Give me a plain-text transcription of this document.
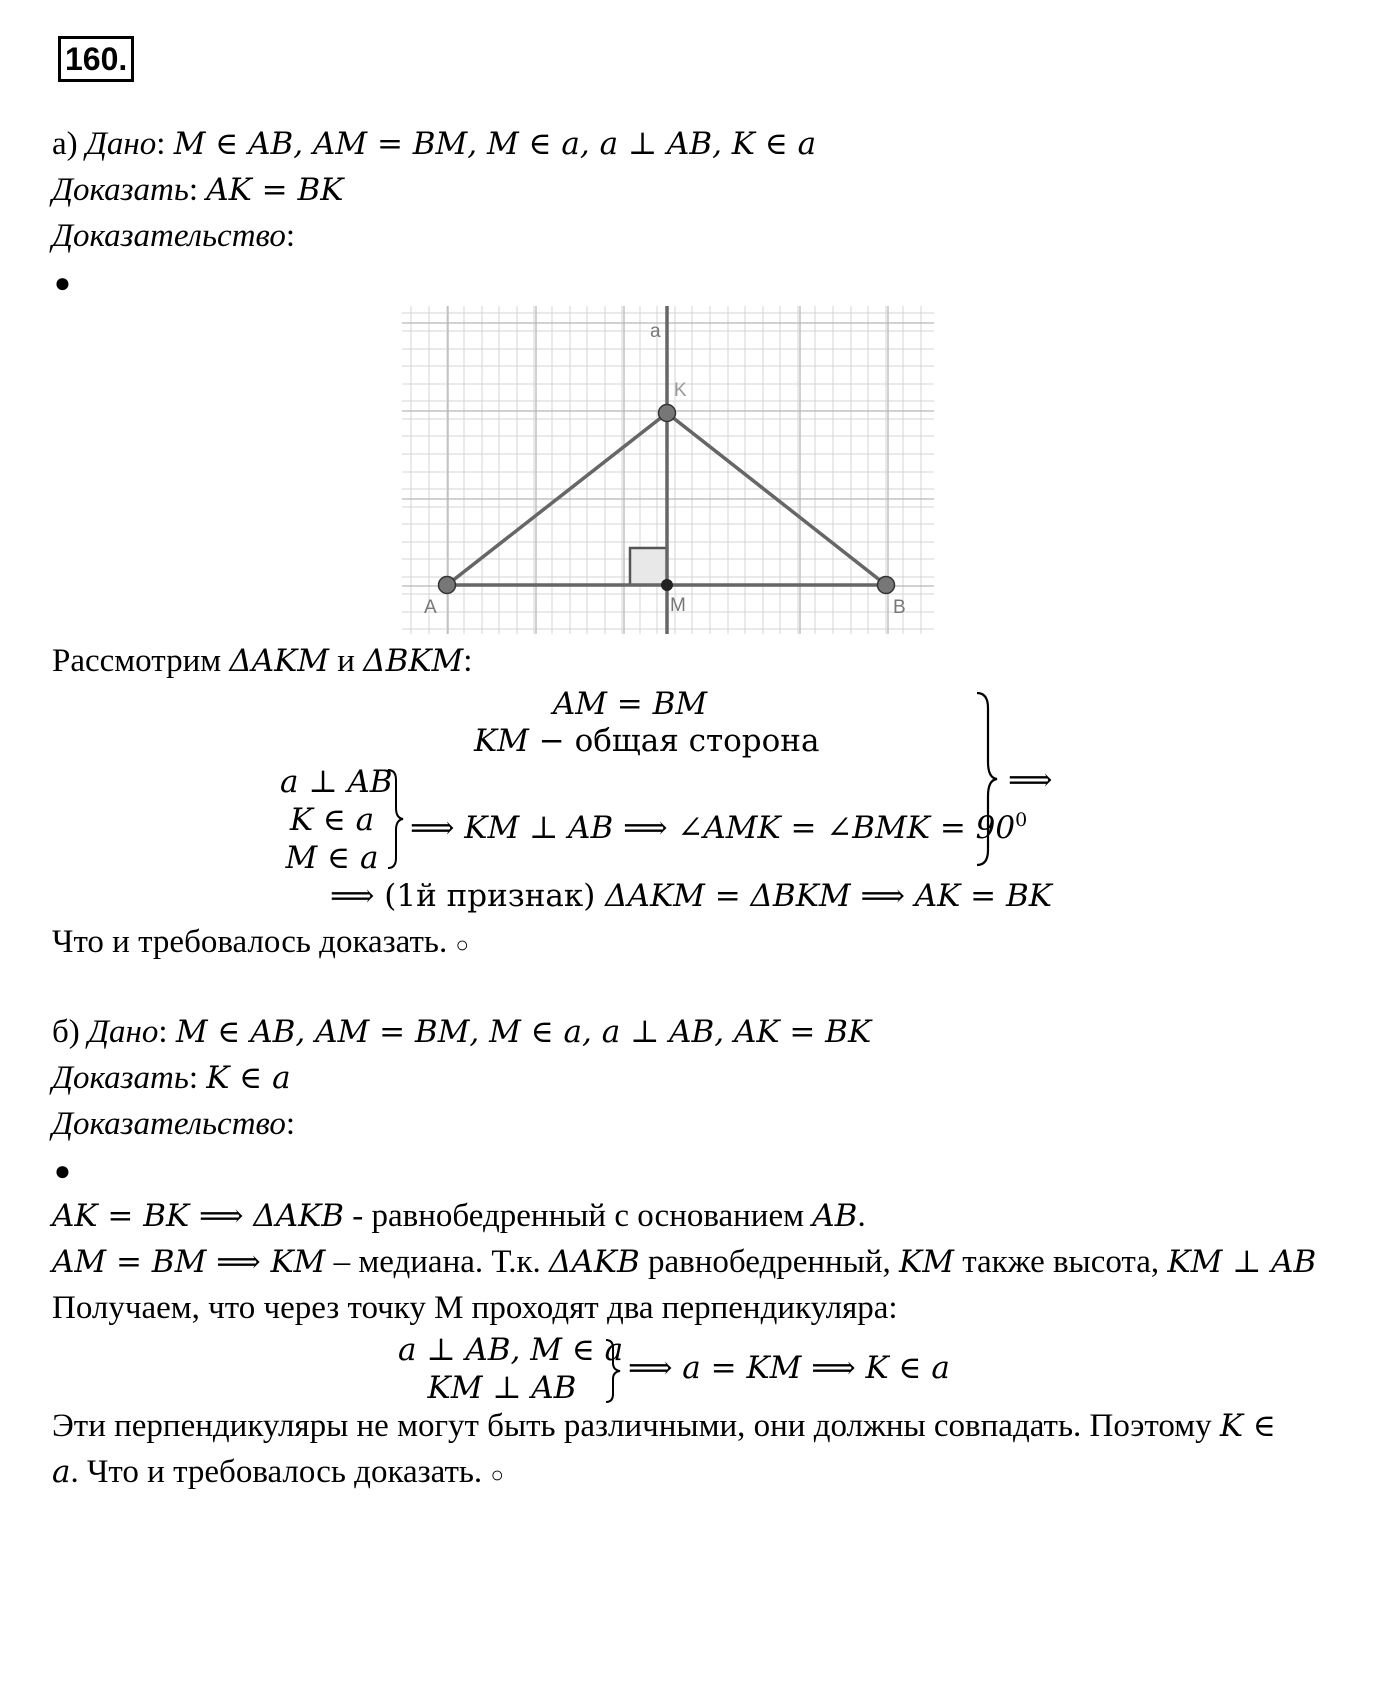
160.
а) Дано: M ∈ AB, AM = BM, M ∈ a, a ⊥ AB, K ∈ a
Доказать: AK = BK
Доказательство:
●
a
K
A	M	B
Рассмотрим ΔAKM и ΔBKM:
AM = BM
KM − общая сторона
a ⊥ AB
K ∈ a
M ∈ a
⟹ KM ⊥ AB ⟹ ∠AMK = ∠BMK = $90^0$
⟹
⟹ (1й признак) ΔAKM = ΔBKM ⟹ AK = BK
Что и требовалось доказать. ○
б) Дано: M ∈ AB, AM = BM, M ∈ a, a ⊥ AB, AK = BK
Доказать: K ∈ a
Доказательство:
●
AK = BK ⟹ ΔAKB - равнобедренный с основанием AB.
AM = BM ⟹ KM – медиана. Т.к. ΔAKB равнобедренный, KM также высота, KM ⊥ AB
Получаем, что через точку М проходят два перпендикуляра:
a ⊥ AB, M ∈ a
KM ⊥ AB
⟹ a = KM ⟹ K ∈ a
Эти перпендикуляры не могут быть различными, они должны совпадать. Поэтому K ∈
a. Что и требовалось доказать. ○
